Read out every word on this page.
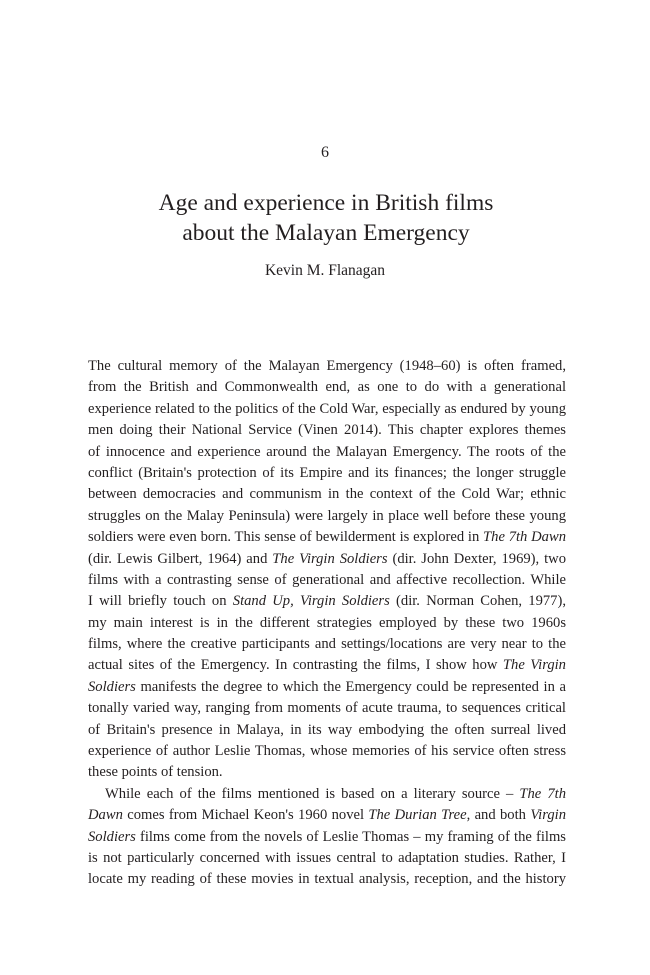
6
Age and experience in British films
about the Malayan Emergency
Kevin M. Flanagan
The cultural memory of the Malayan Emergency (1948–60) is often framed,
from the British and Commonwealth end, as one to do with a generational
experience related to the politics of the Cold War, especially as endured by young
men doing their National Service (Vinen 2014). This chapter explores themes
of innocence and experience around the Malayan Emergency. The roots of the
conflict (Britain's protection of its Empire and its finances; the longer struggle
between democracies and communism in the context of the Cold War; ethnic
struggles on the Malay Peninsula) were largely in place well before these young
soldiers were even born. This sense of bewilderment is explored in The 7th Dawn
(dir. Lewis Gilbert, 1964) and The Virgin Soldiers (dir. John Dexter, 1969), two
films with a contrasting sense of generational and affective recollection. While
I will briefly touch on Stand Up, Virgin Soldiers (dir. Norman Cohen, 1977),
my main interest is in the different strategies employed by these two 1960s
films, where the creative participants and settings/locations are very near to the
actual sites of the Emergency. In contrasting the films, I show how The Virgin
Soldiers manifests the degree to which the Emergency could be represented in a
tonally varied way, ranging from moments of acute trauma, to sequences critical
of Britain's presence in Malaya, in its way embodying the often surreal lived
experience of author Leslie Thomas, whose memories of his service often stress
these points of tension.
While each of the films mentioned is based on a literary source – The 7th
Dawn comes from Michael Keon's 1960 novel The Durian Tree, and both Virgin
Soldiers films come from the novels of Leslie Thomas – my framing of the films
is not particularly concerned with issues central to adaptation studies. Rather, I
locate my reading of these movies in textual analysis, reception, and the history
